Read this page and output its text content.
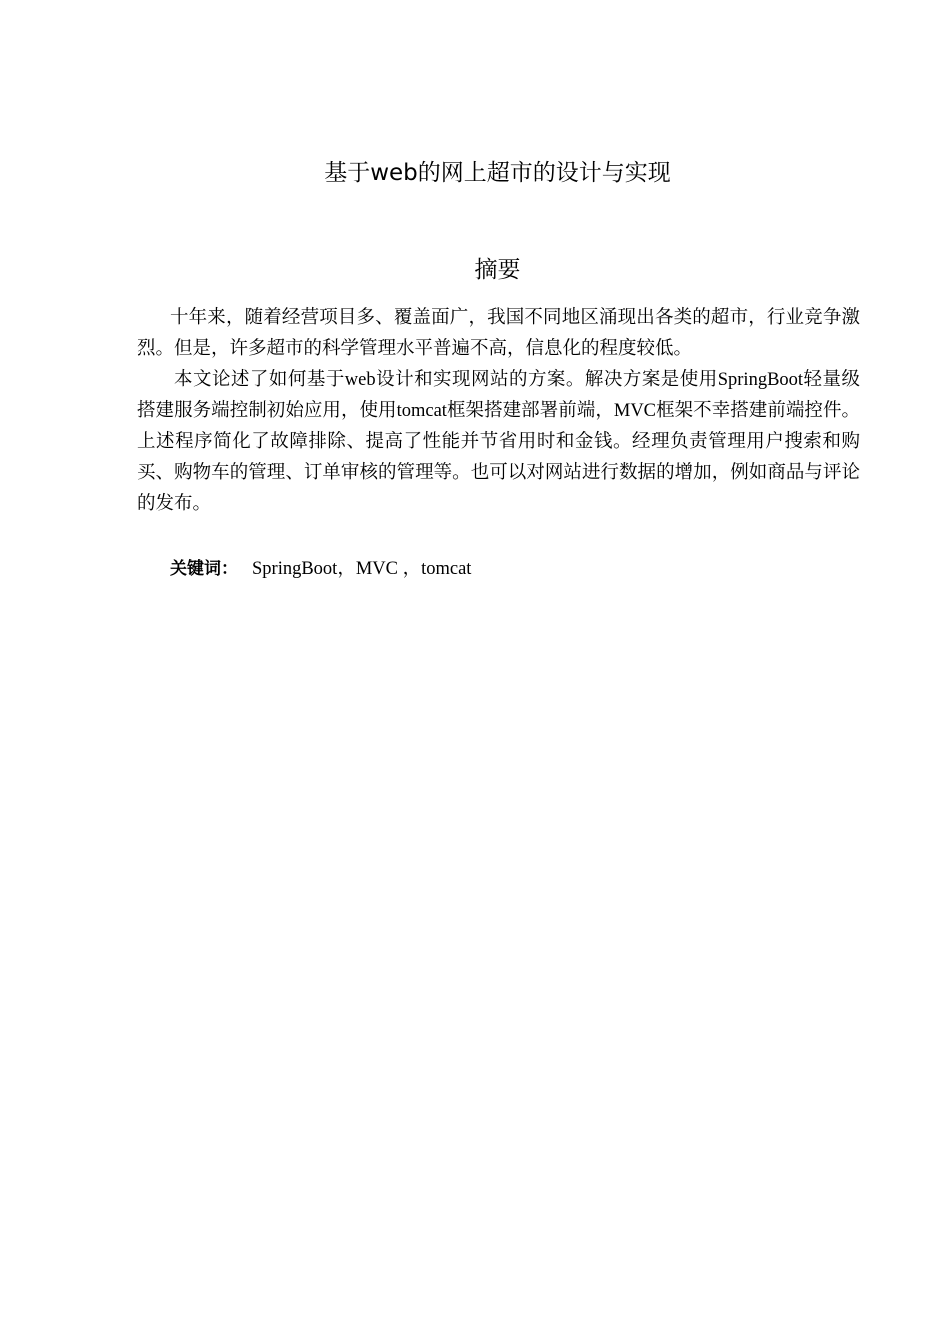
基于web的网上超市的设计与实现
摘要

十年来，随着经营项目多、覆盖面广，我国不同地区涌现出各类的超市，行业竞争激烈。但是，许多超市的科学管理水平普遍不高，信息化的程度较低。

本文论述了如何基于web设计和实现网站的方案。解决方案是使用SpringBoot轻量级搭建服务端控制初始应用，使用tomcat框架搭建部署前端，MVC框架不幸搭建前端控件。上述程序简化了故障排除、提高了性能并节省用时和金钱。经理负责管理用户搜索和购买、购物车的管理、订单审核的管理等。也可以对网站进行数据的增加，例如商品与评论的发布。

关键词： SpringBoot，MVC ，tomcat
